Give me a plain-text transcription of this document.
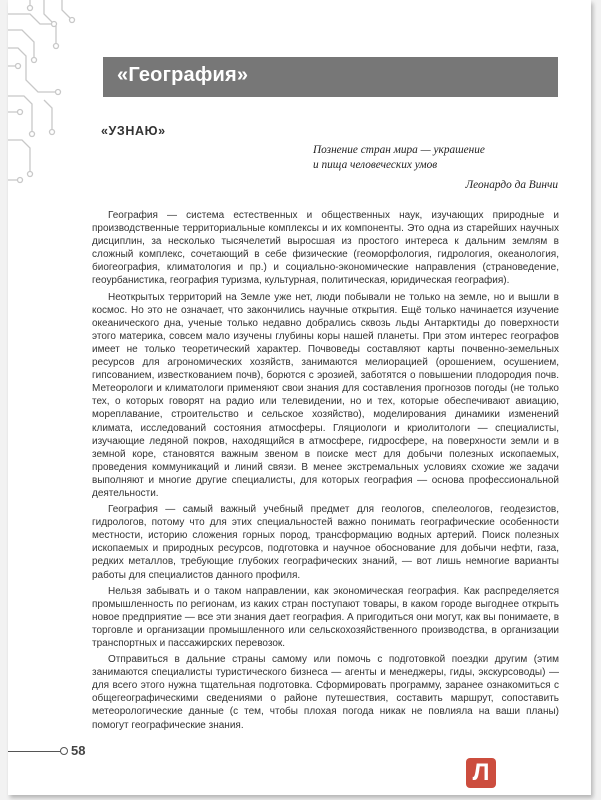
«География»
«УЗНАЮ»
Познение стран мира — украшение
и пища человеческих умов
Леонардо да Винчи

География — система естественных и общественных наук, изучающих природные и производственные территориальные комплексы и их компоненты. Это одна из старейших научных дисциплин, за несколько тысячелетий выросшая из простого интереса к дальним землям в сложный комплекс, сочетающий в себе физические (геоморфология, гидрология, океанология, биогеография, климатология и пр.) и социально-экономические направления (страноведение, геоурбанистика, география туризма, культурная, политическая, юридическая география).

Неоткрытых территорий на Земле уже нет, люди побывали не только на земле, но и вышли в космос. Но это не означает, что закончились научные открытия. Ещё только начинается изучение океанического дна, ученые только недавно добрались сквозь льды Антарктиды до поверхности этого материка, совсем мало изучены глубины коры нашей планеты. При этом интерес географов имеет не только теоретический характер. Почвоведы составляют карты почвенно-земельных ресурсов для агрономических хозяйств, занимаются мелиорацией (орошением, осушением, гипсованием, известкованием почв), борются с эрозией, заботятся о повышении плодородия почв. Метеорологи и климатологи применяют свои знания для составления прогнозов погоды (не только тех, о которых говорят на радио или телевидении, но и тех, которые обеспечивают авиацию, мореплавание, строительство и сельское хозяйство), моделирования динамики изменений климата, исследований состояния атмосферы. Гляциологи и криолитологи — специалисты, изучающие ледяной покров, находящийся в атмосфере, гидросфере, на поверхности земли и в земной коре, становятся важным звеном в поиске мест для добычи полезных ископаемых, проведения коммуникаций и линий связи. В менее экстремальных условиях схожие же задачи выполняют и многие другие специалисты, для которых география — основа профессиональной деятельности.

География — самый важный учебный предмет для геологов, спелеологов, геодезистов, гидрологов, потому что для этих специальностей важно понимать географические особенности местности, историю сложения горных пород, трансформацию водных артерий. Поиск полезных ископаемых и природных ресурсов, подготовка и научное обоснование для добычи нефти, газа, редких металлов, требующие глубоких географических знаний, — вот лишь немногие варианты работы для специалистов данного профиля.

Нельзя забывать и о таком направлении, как экономическая география. Как распределяется промышленность по регионам, из каких стран поступают товары, в каком городе выгоднее открыть новое предприятие — все эти знания дает география. А пригодиться они могут, как вы понимаете, в торговле и организации промышленного или сельскохозяйственного производства, в организации транспортных и пассажирских перевозок.

Отправиться в дальние страны самому или помочь с подготовкой поездки другим (этим занимаются специалисты туристического бизнеса — агенты и менеджеры, гиды, экскурсоводы) — для всего этого нужна тщательная подготовка. Сформировать программу, заранее ознакомиться с общегеографическими сведениями о районе путешествия, составить маршрут, сопоставить метеорологические данные (с тем, чтобы плохая погода никак не повлияла на ваши планы) помогут географические знания.

58
Л
